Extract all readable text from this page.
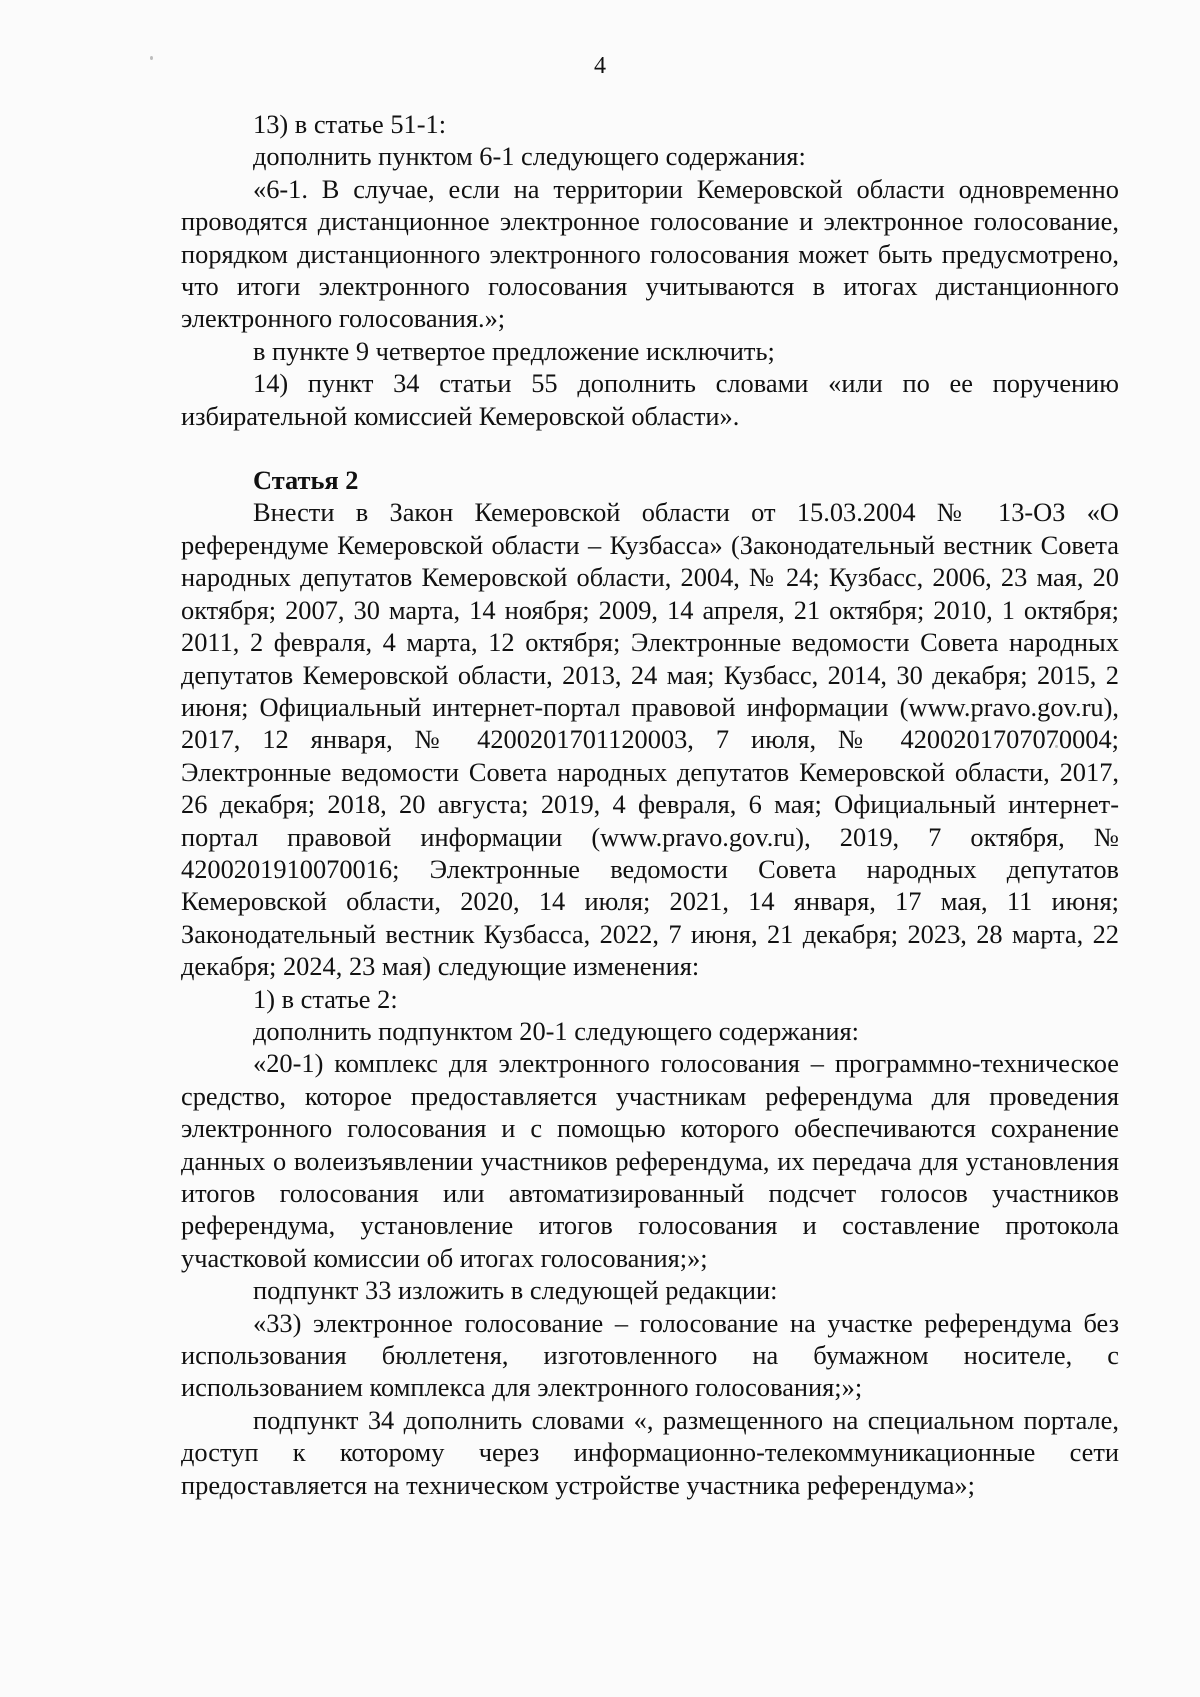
4

13) в статье 51-1:

дополнить пунктом 6-1 следующего содержания:

«6-1. В случае, если на территории Кемеровской области одновременно проводятся дистанционное электронное голосование и электронное голосование, порядком дистанционного электронного голосования может быть предусмотрено, что итоги электронного голосования учитываются в итогах дистанционного электронного голосования.»;

в пункте 9 четвертое предложение исключить;

14) пункт 34 статьи 55 дополнить словами «или по ее поручению избирательной комиссией Кемеровской области».

Статья 2

Внести в Закон Кемеровской области от 15.03.2004 № 13-ОЗ «О референдуме Кемеровской области – Кузбасса» (Законодательный вестник Совета народных депутатов Кемеровской области, 2004, № 24; Кузбасс, 2006, 23 мая, 20 октября; 2007, 30 марта, 14 ноября; 2009, 14 апреля, 21 октября; 2010, 1 октября; 2011, 2 февраля, 4 марта, 12 октября; Электронные ведомости Совета народных депутатов Кемеровской области, 2013, 24 мая; Кузбасс, 2014, 30 декабря; 2015, 2 июня; Официальный интернет-портал правовой информации (www.pravo.gov.ru), 2017, 12 января, № 4200201701120003, 7 июля, № 4200201707070004; Электронные ведомости Совета народных депутатов Кемеровской области, 2017, 26 декабря; 2018, 20 августа; 2019, 4 февраля, 6 мая; Официальный интернет-портал правовой информации (www.pravo.gov.ru), 2019, 7 октября, № 4200201910070016; Электронные ведомости Совета народных депутатов Кемеровской области, 2020, 14 июля; 2021, 14 января, 17 мая, 11 июня; Законодательный вестник Кузбасса, 2022, 7 июня, 21 декабря; 2023, 28 марта, 22 декабря; 2024, 23 мая) следующие изменения:

1) в статье 2:

дополнить подпунктом 20-1 следующего содержания:

«20-1) комплекс для электронного голосования – программно-техническое средство, которое предоставляется участникам референдума для проведения электронного голосования и с помощью которого обеспечиваются сохранение данных о волеизъявлении участников референдума, их передача для установления итогов голосования или автоматизированный подсчет голосов участников референдума, установление итогов голосования и составление протокола участковой комиссии об итогах голосования;»;

подпункт 33 изложить в следующей редакции:

«33) электронное голосование – голосование на участке референдума без использования бюллетеня, изготовленного на бумажном носителе, с использованием комплекса для электронного голосования;»;

подпункт 34 дополнить словами «, размещенного на специальном портале, доступ к которому через информационно-телекоммуникационные сети предоставляется на техническом устройстве участника референдума»;
